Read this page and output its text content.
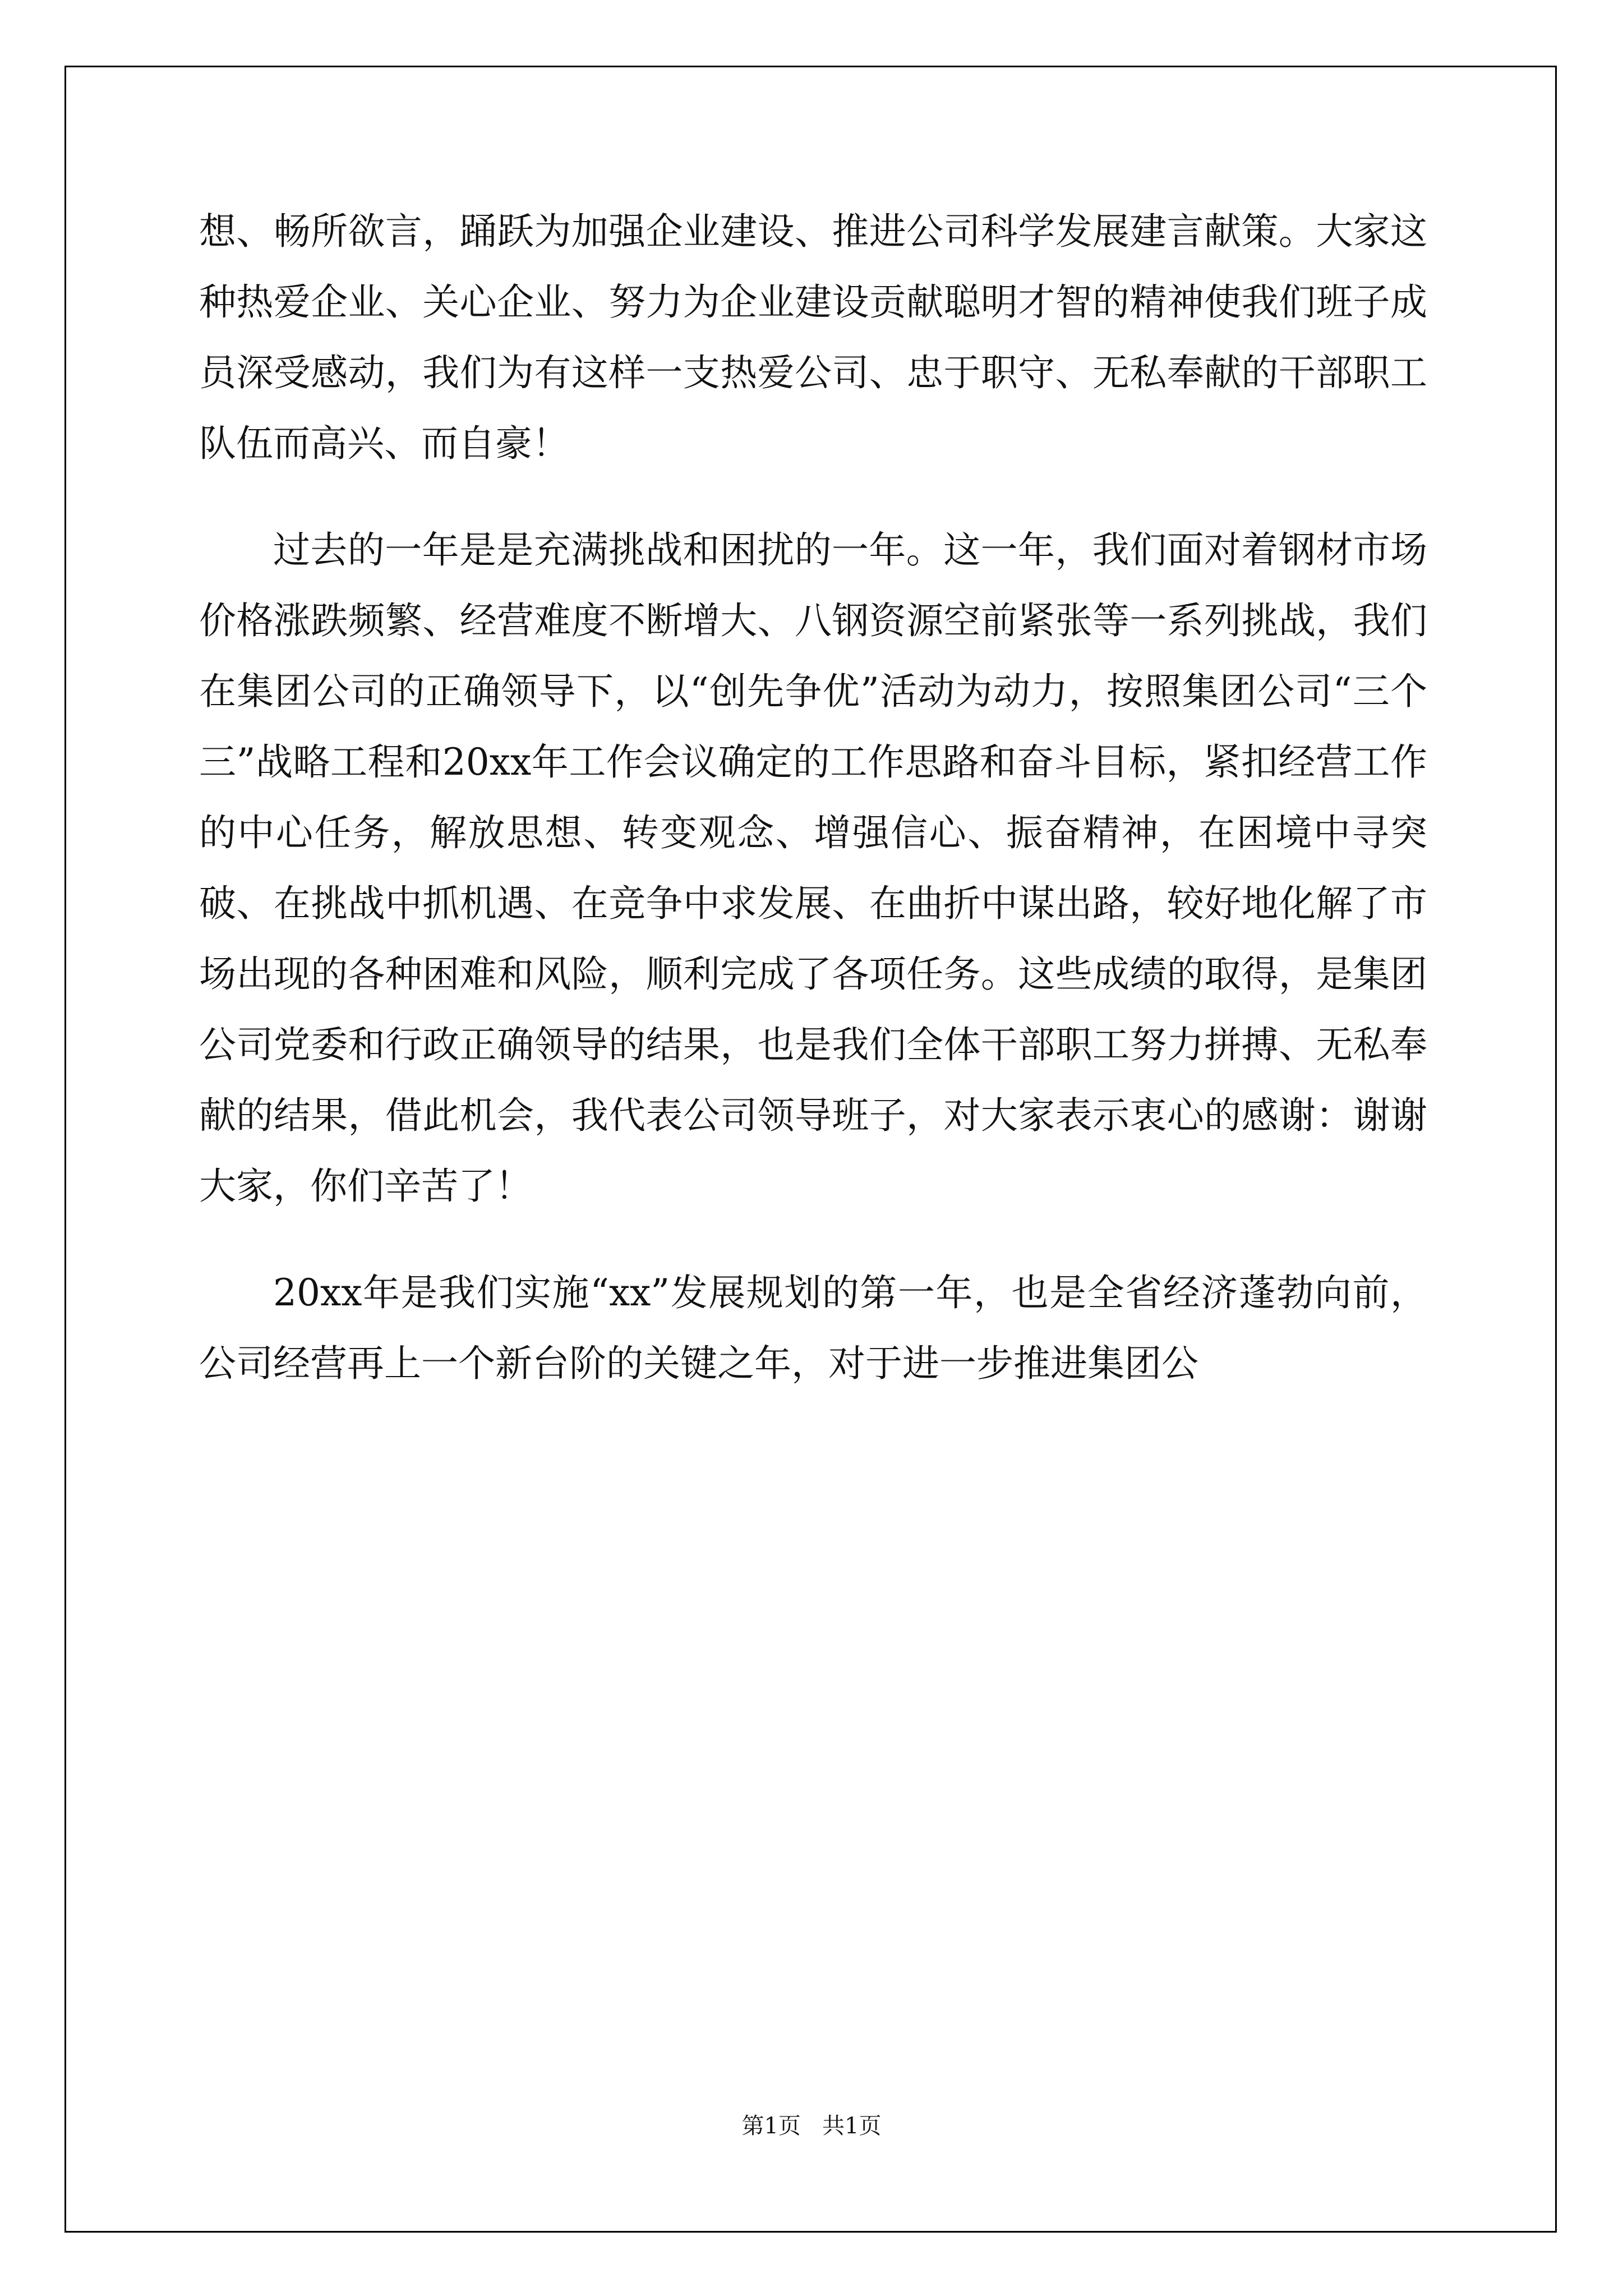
想、畅所欲言，踊跃为加强企业建设、推进公司科学发展建言献策。大家这种热爱企业、关心企业、努力为企业建设贡献聪明才智的精神使我们班子成员深受感动，我们为有这样一支热爱公司、忠于职守、无私奉献的干部职工队伍而高兴、而自豪！

过去的一年是是充满挑战和困扰的一年。这一年，我们面对着钢材市场价格涨跌频繁、经营难度不断增大、八钢资源空前紧张等一系列挑战，我们在集团公司的正确领导下，以“创先争优”活动为动力，按照集团公司“三个三”战略工程和20xx年工作会议确定的工作思路和奋斗目标，紧扣经营工作的中心任务，解放思想、转变观念、增强信心、振奋精神，在困境中寻突破、在挑战中抓机遇、在竞争中求发展、在曲折中谋出路，较好地化解了市场出现的各种困难和风险，顺利完成了各项任务。这些成绩的取得，是集团公司党委和行政正确领导的结果，也是我们全体干部职工努力拼搏、无私奉献的结果，借此机会，我代表公司领导班子，对大家表示衷心的感谢：谢谢大家，你们辛苦了！

20xx年是我们实施“xx”发展规划的第一年，也是全省经济蓬勃向前，公司经营再上一个新台阶的关键之年，对于进一步推进集团公

第1页   共1页
